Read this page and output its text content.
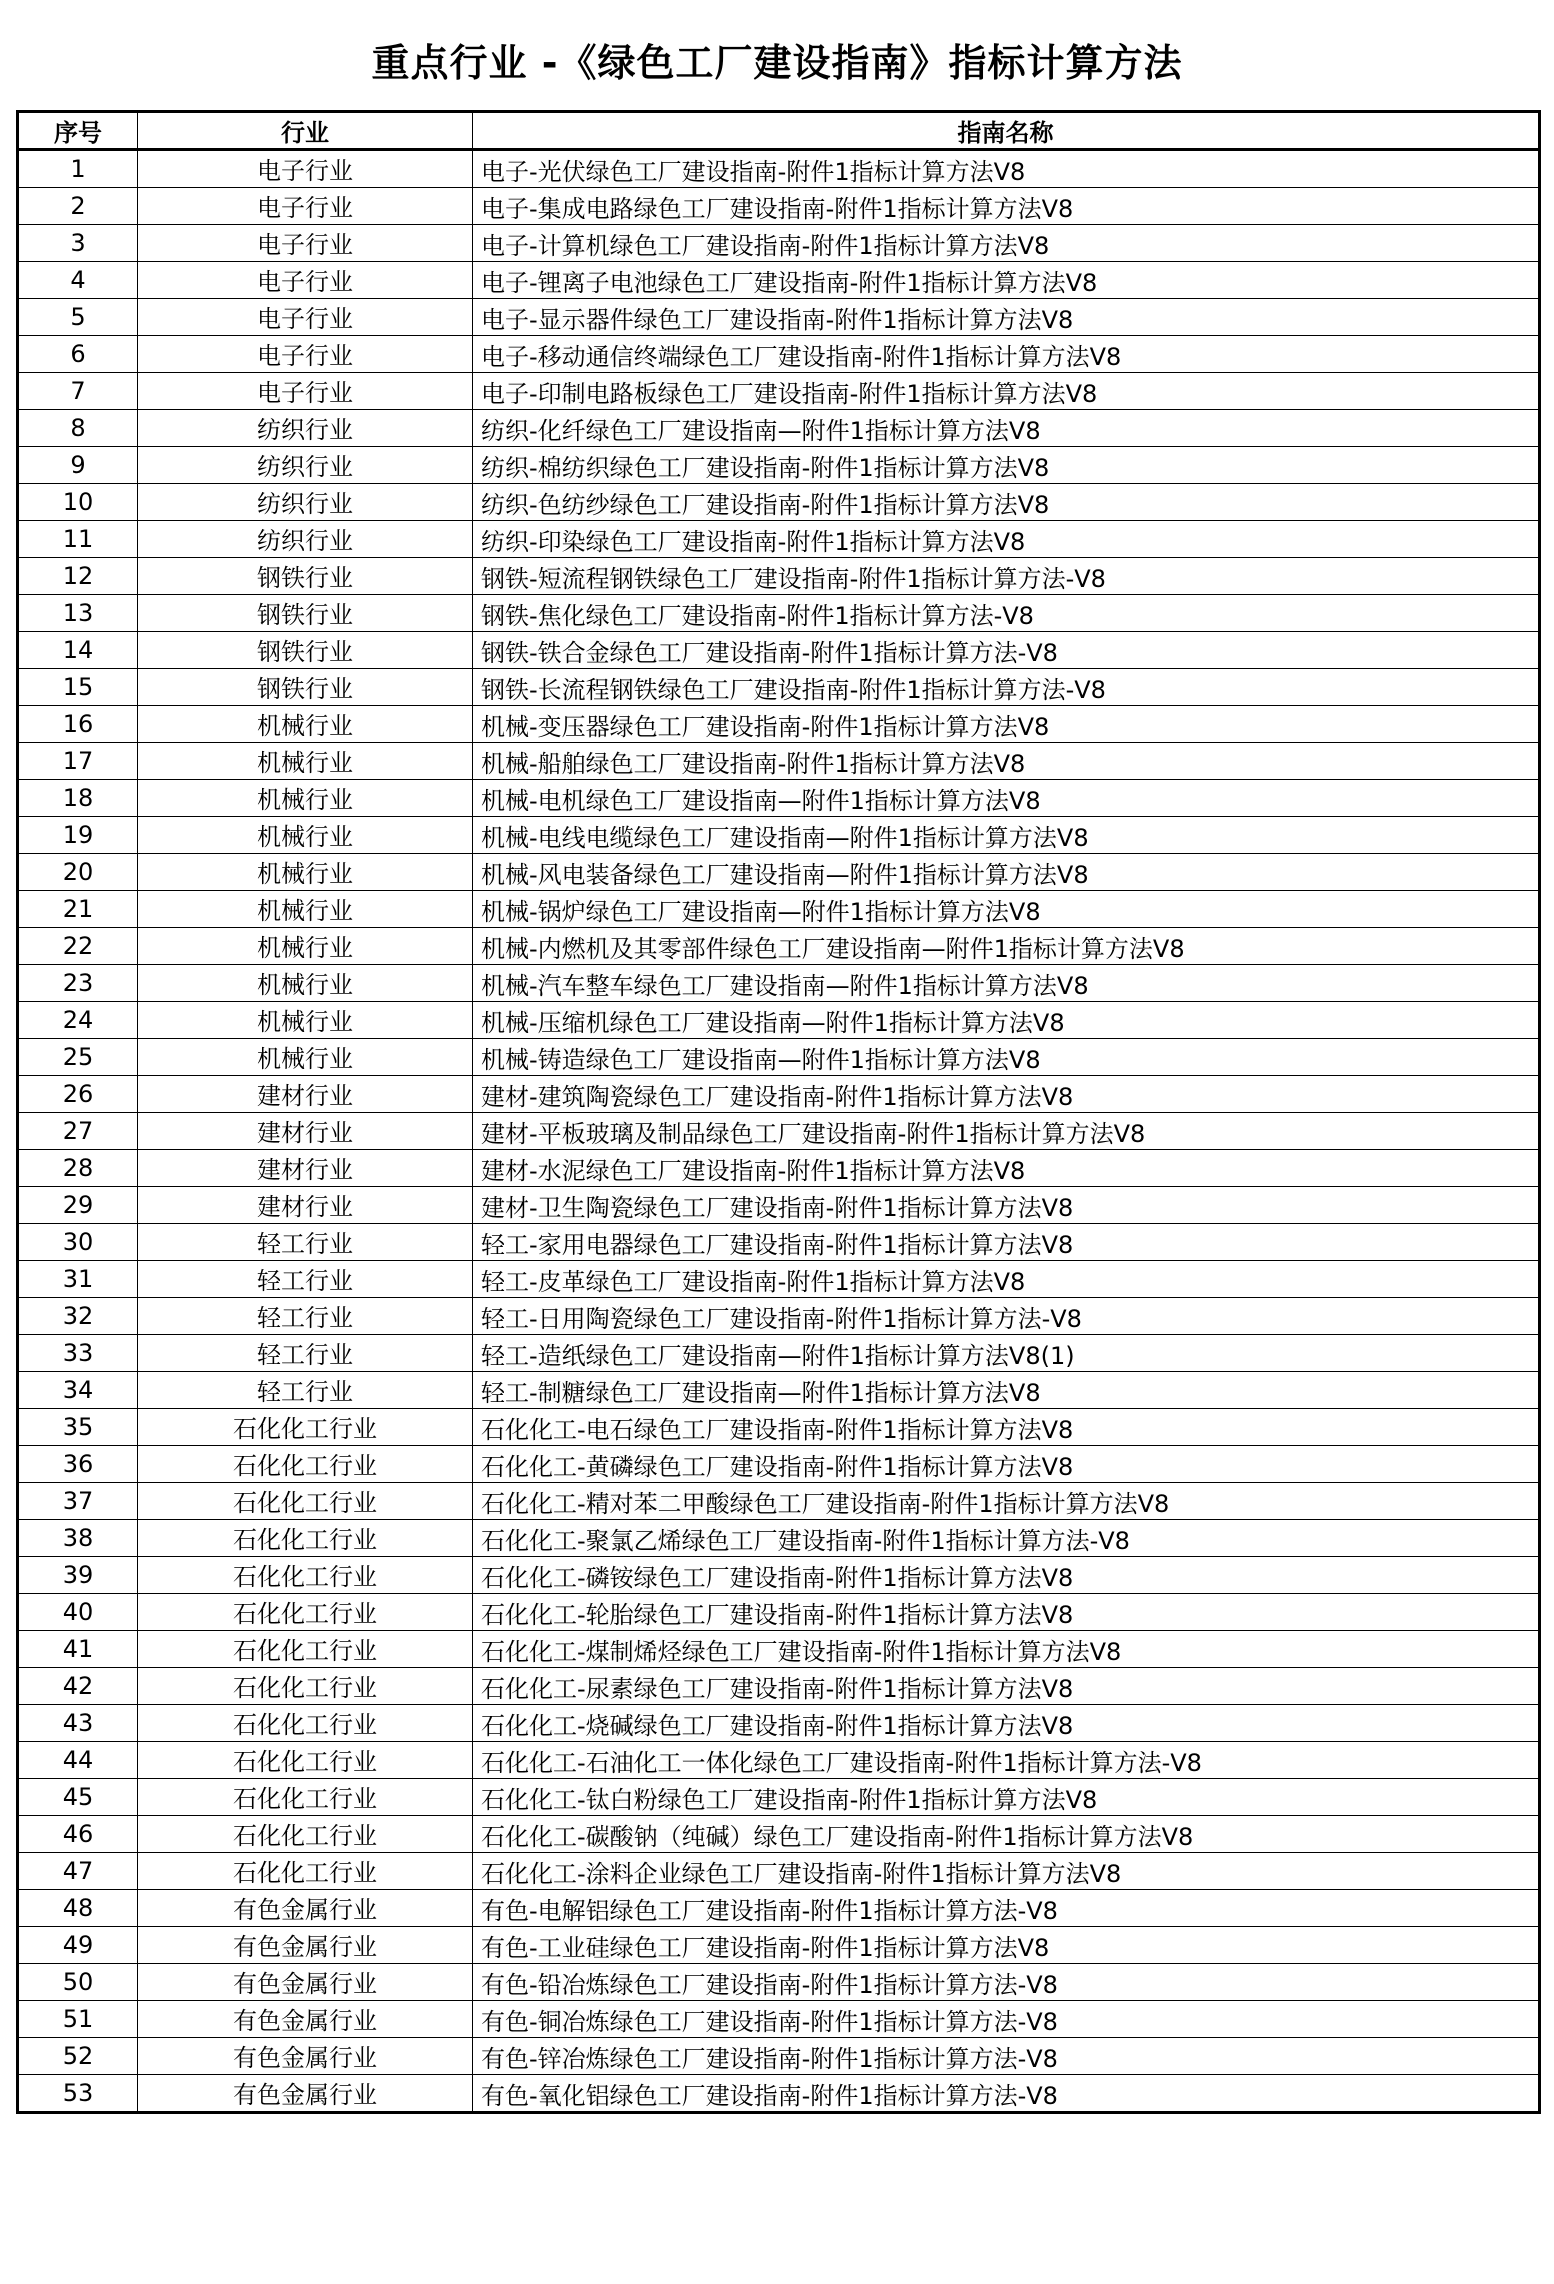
重点行业 -《绿色工厂建设指南》指标计算方法
序号	行业	指南名称
1	电子行业	电子-光伏绿色工厂建设指南-附件1指标计算方法V8
2	电子行业	电子-集成电路绿色工厂建设指南-附件1指标计算方法V8
3	电子行业	电子-计算机绿色工厂建设指南-附件1指标计算方法V8
4	电子行业	电子-锂离子电池绿色工厂建设指南-附件1指标计算方法V8
5	电子行业	电子-显示器件绿色工厂建设指南-附件1指标计算方法V8
6	电子行业	电子-移动通信终端绿色工厂建设指南-附件1指标计算方法V8
7	电子行业	电子-印制电路板绿色工厂建设指南-附件1指标计算方法V8
8	纺织行业	纺织-化纤绿色工厂建设指南—附件1指标计算方法V8
9	纺织行业	纺织-棉纺织绿色工厂建设指南-附件1指标计算方法V8
10	纺织行业	纺织-色纺纱绿色工厂建设指南-附件1指标计算方法V8
11	纺织行业	纺织-印染绿色工厂建设指南-附件1指标计算方法V8
12	钢铁行业	钢铁-短流程钢铁绿色工厂建设指南-附件1指标计算方法-V8
13	钢铁行业	钢铁-焦化绿色工厂建设指南-附件1指标计算方法-V8
14	钢铁行业	钢铁-铁合金绿色工厂建设指南-附件1指标计算方法-V8
15	钢铁行业	钢铁-长流程钢铁绿色工厂建设指南-附件1指标计算方法-V8
16	机械行业	机械-变压器绿色工厂建设指南-附件1指标计算方法V8
17	机械行业	机械-船舶绿色工厂建设指南-附件1指标计算方法V8
18	机械行业	机械-电机绿色工厂建设指南—附件1指标计算方法V8
19	机械行业	机械-电线电缆绿色工厂建设指南—附件1指标计算方法V8
20	机械行业	机械-风电装备绿色工厂建设指南—附件1指标计算方法V8
21	机械行业	机械-锅炉绿色工厂建设指南—附件1指标计算方法V8
22	机械行业	机械-内燃机及其零部件绿色工厂建设指南—附件1指标计算方法V8
23	机械行业	机械-汽车整车绿色工厂建设指南—附件1指标计算方法V8
24	机械行业	机械-压缩机绿色工厂建设指南—附件1指标计算方法V8
25	机械行业	机械-铸造绿色工厂建设指南—附件1指标计算方法V8
26	建材行业	建材-建筑陶瓷绿色工厂建设指南-附件1指标计算方法V8
27	建材行业	建材-平板玻璃及制品绿色工厂建设指南-附件1指标计算方法V8
28	建材行业	建材-水泥绿色工厂建设指南-附件1指标计算方法V8
29	建材行业	建材-卫生陶瓷绿色工厂建设指南-附件1指标计算方法V8
30	轻工行业	轻工-家用电器绿色工厂建设指南-附件1指标计算方法V8
31	轻工行业	轻工-皮革绿色工厂建设指南-附件1指标计算方法V8
32	轻工行业	轻工-日用陶瓷绿色工厂建设指南-附件1指标计算方法-V8
33	轻工行业	轻工-造纸绿色工厂建设指南—附件1指标计算方法V8(1)
34	轻工行业	轻工-制糖绿色工厂建设指南—附件1指标计算方法V8
35	石化化工行业	石化化工-电石绿色工厂建设指南-附件1指标计算方法V8
36	石化化工行业	石化化工-黄磷绿色工厂建设指南-附件1指标计算方法V8
37	石化化工行业	石化化工-精对苯二甲酸绿色工厂建设指南-附件1指标计算方法V8
38	石化化工行业	石化化工-聚氯乙烯绿色工厂建设指南-附件1指标计算方法-V8
39	石化化工行业	石化化工-磷铵绿色工厂建设指南-附件1指标计算方法V8
40	石化化工行业	石化化工-轮胎绿色工厂建设指南-附件1指标计算方法V8
41	石化化工行业	石化化工-煤制烯烃绿色工厂建设指南-附件1指标计算方法V8
42	石化化工行业	石化化工-尿素绿色工厂建设指南-附件1指标计算方法V8
43	石化化工行业	石化化工-烧碱绿色工厂建设指南-附件1指标计算方法V8
44	石化化工行业	石化化工-石油化工一体化绿色工厂建设指南-附件1指标计算方法-V8
45	石化化工行业	石化化工-钛白粉绿色工厂建设指南-附件1指标计算方法V8
46	石化化工行业	石化化工-碳酸钠（纯碱）绿色工厂建设指南-附件1指标计算方法V8
47	石化化工行业	石化化工-涂料企业绿色工厂建设指南-附件1指标计算方法V8
48	有色金属行业	有色-电解铝绿色工厂建设指南-附件1指标计算方法-V8
49	有色金属行业	有色-工业硅绿色工厂建设指南-附件1指标计算方法V8
50	有色金属行业	有色-铅冶炼绿色工厂建设指南-附件1指标计算方法-V8
51	有色金属行业	有色-铜冶炼绿色工厂建设指南-附件1指标计算方法-V8
52	有色金属行业	有色-锌冶炼绿色工厂建设指南-附件1指标计算方法-V8
53	有色金属行业	有色-氧化铝绿色工厂建设指南-附件1指标计算方法-V8
